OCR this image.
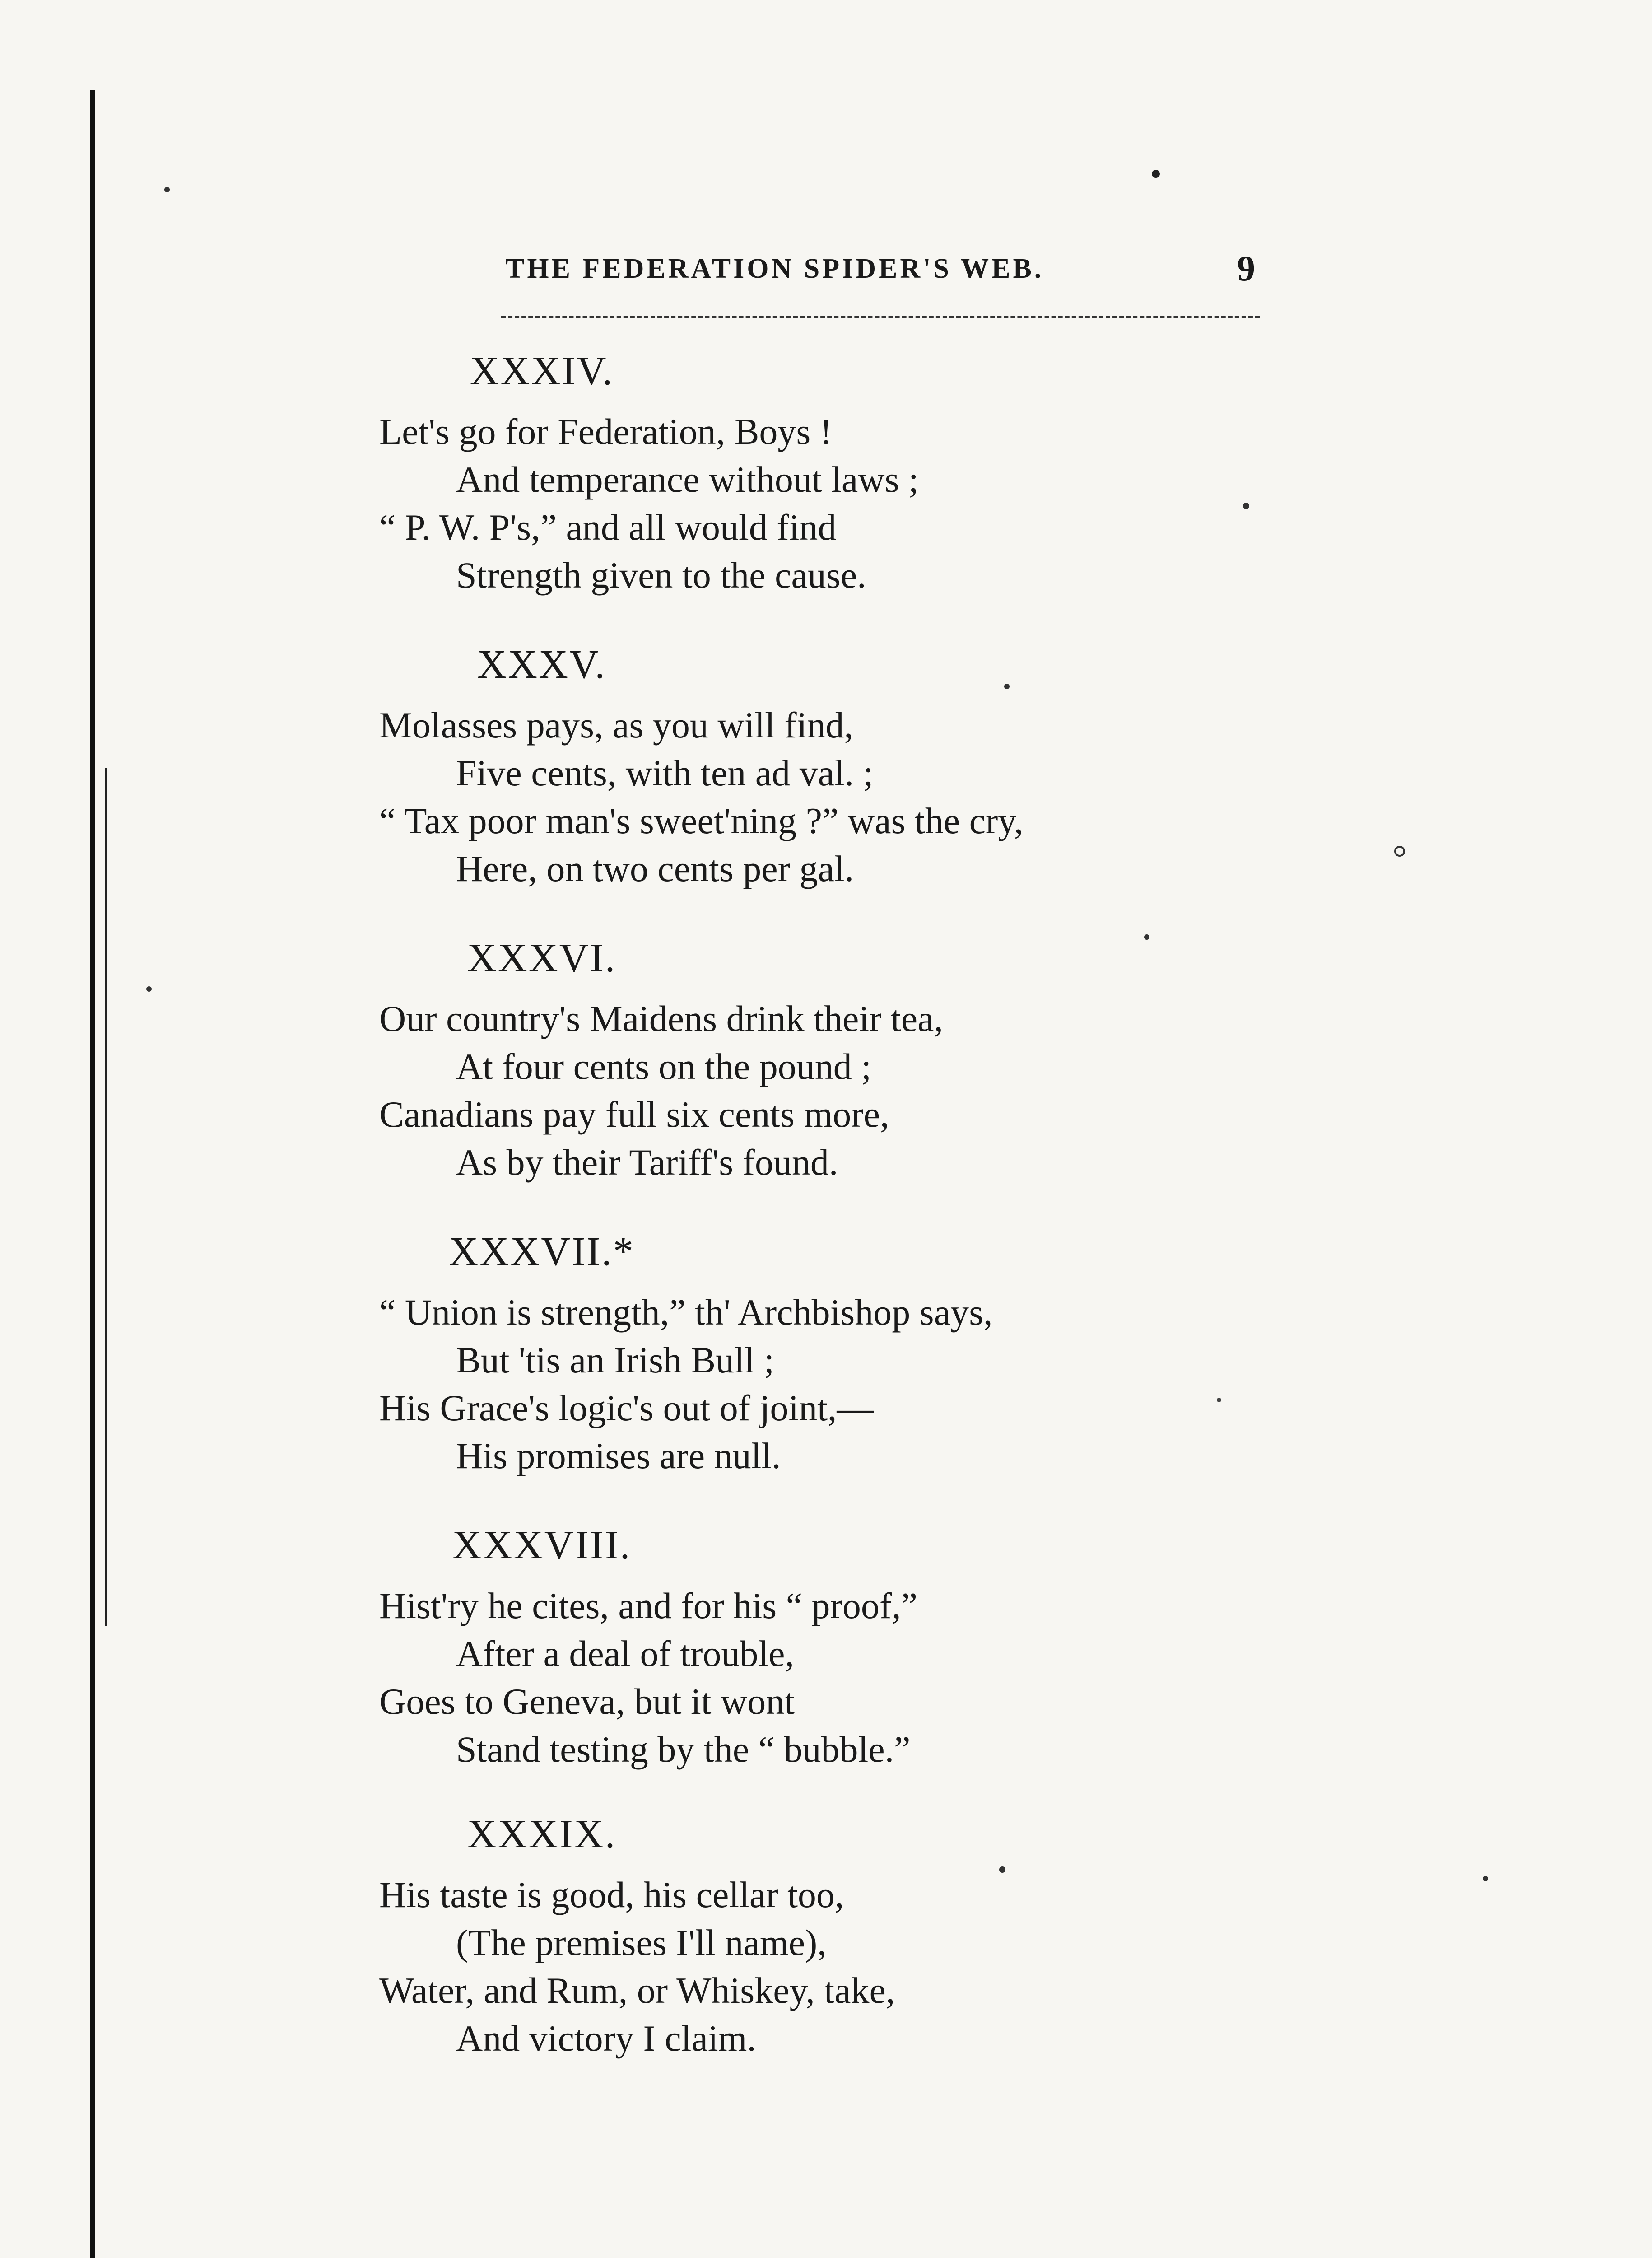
THE FEDERATION SPIDER'S WEB.	9
XXXIV.
Let's go for Federation, Boys !
And temperance without laws ;
“ P. W. P's,” and all would find
Strength given to the cause.
XXXV.
Molasses pays, as you will find,
Five cents, with ten ad val. ;
“ Tax poor man's sweet'ning ?” was the cry,
Here, on two cents per gal.
XXXVI.
Our country's Maidens drink their tea,
At four cents on the pound ;
Canadians pay full six cents more,
As by their Tariff's found.
XXXVII.*
“ Union is strength,” th' Archbishop says,
But 'tis an Irish Bull ;
His Grace's logic's out of joint,—
His promises are null.
XXXVIII.
Hist'ry he cites, and for his “ proof,”
After a deal of trouble,
Goes to Geneva, but it wont
Stand testing by the “ bubble.”
XXXIX.
His taste is good, his cellar too,
(The premises I'll name),
Water, and Rum, or Whiskey, take,
And victory I claim.
